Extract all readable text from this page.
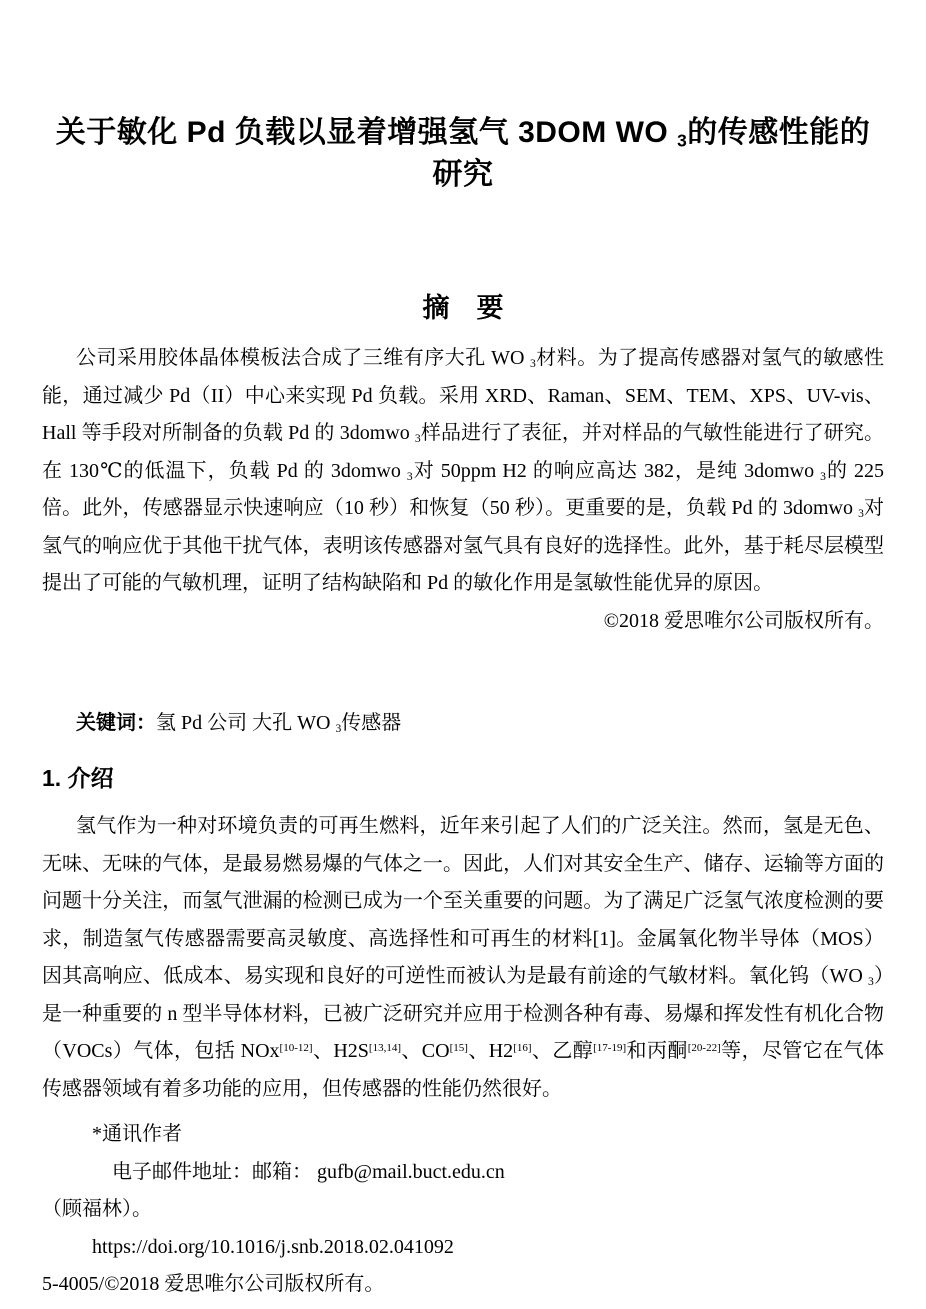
关于敏化 Pd 负载以显着增强氢气 3DOM WO $_3$的传感性能的研究
摘　要

公司采用胶体晶体模板法合成了三维有序大孔 WO $_3$材料。为了提高传感器对氢气的敏感性能，通过减少 Pd（II）中心来实现 Pd 负载。采用 XRD、Raman、SEM、TEM、XPS、UV-vis、Hall 等手段对所制备的负载 Pd 的 3domwo $_3$样品进行了表征，并对样品的气敏性能进行了研究。在 130℃的低温下，负载 Pd 的 3domwo $_3$对 50ppm H2 的响应高达 382，是纯 3domwo $_3$的 225 倍。此外，传感器显示快速响应（10 秒）和恢复（50 秒）。更重要的是，负载 Pd 的 3domwo $_3$对氢气的响应优于其他干扰气体，表明该传感器对氢气具有良好的选择性。此外，基于耗尽层模型提出了可能的气敏机理，证明了结构缺陷和 Pd 的敏化作用是氢敏性能优异的原因。

©2018 爱思唯尔公司版权所有。

关键词：氢 Pd 公司 大孔 WO $_3$传感器

1. 介绍

氢气作为一种对环境负责的可再生燃料，近年来引起了人们的广泛关注。然而，氢是无色、无味、无味的气体，是最易燃易爆的气体之一。因此，人们对其安全生产、储存、运输等方面的问题十分关注，而氢气泄漏的检测已成为一个至关重要的问题。为了满足广泛氢气浓度检测的要求，制造氢气传感器需要高灵敏度、高选择性和可再生的材料[1]。金属氧化物半导体（MOS）因其高响应、低成本、易实现和良好的可逆性而被认为是最有前途的气敏材料。氧化钨（WO $_3$）是一种重要的 n 型半导体材料，已被广泛研究并应用于检测各种有毒、易爆和挥发性有机化合物（VOCs）气体，包括 NOx[10-12]、H2S[13,14]、CO[15]、H2[16]、乙醇[17-19]和丙酮[20-22]等，尽管它在气体传感器领域有着多功能的应用，但传感器的性能仍然很好。

*通讯作者

电子邮件地址：邮箱： gufb@mail.buct.edu.cn

（顾福林）。

https://doi.org/10.1016/j.snb.2018.02.041092

5-4005/©2018 爱思唯尔公司版权所有。
